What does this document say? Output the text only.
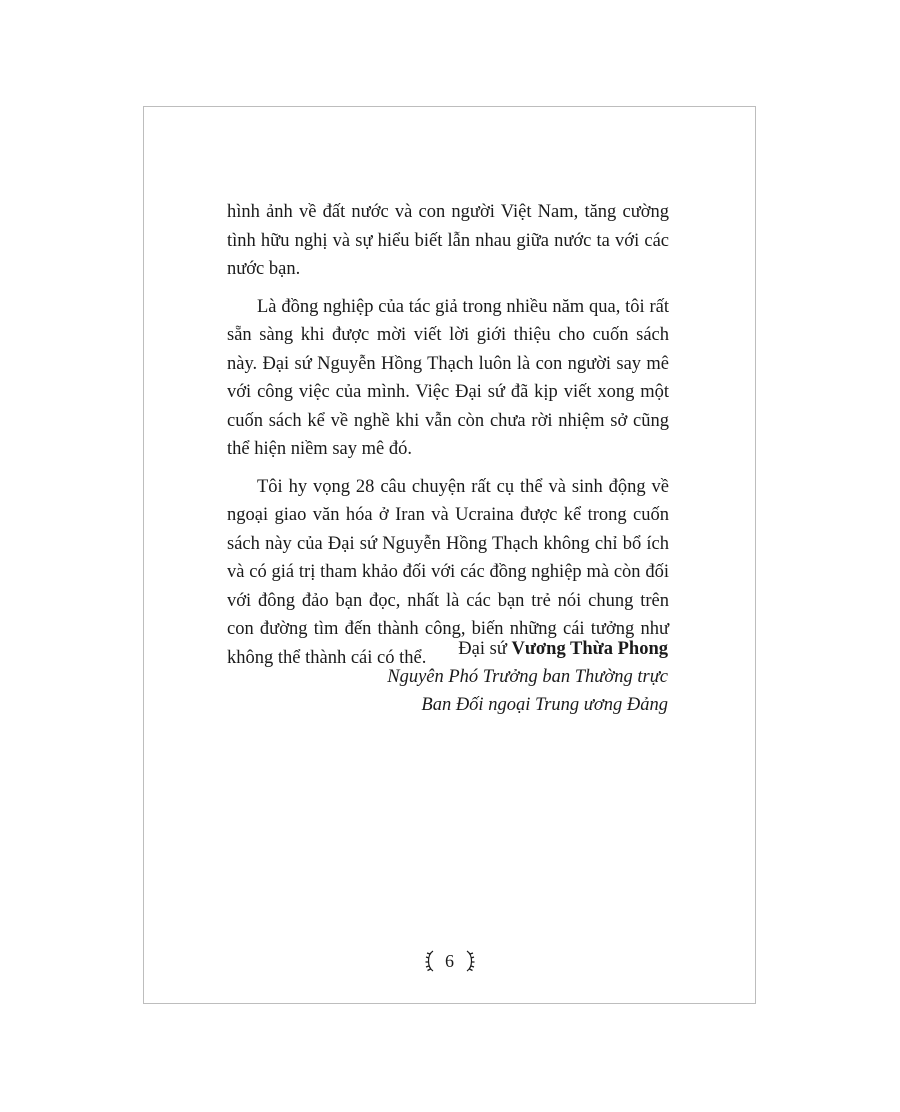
hình ảnh về đất nước và con người Việt Nam, tăng cường tình hữu nghị và sự hiểu biết lẫn nhau giữa nước ta với các nước bạn.

Là đồng nghiệp của tác giả trong nhiều năm qua, tôi rất sẵn sàng khi được mời viết lời giới thiệu cho cuốn sách này. Đại sứ Nguyễn Hồng Thạch luôn là con người say mê với công việc của mình. Việc Đại sứ đã kịp viết xong một cuốn sách kể về nghề khi vẫn còn chưa rời nhiệm sở cũng thể hiện niềm say mê đó.

Tôi hy vọng 28 câu chuyện rất cụ thể và sinh động về ngoại giao văn hóa ở Iran và Ucraina được kể trong cuốn sách này của Đại sứ Nguyễn Hồng Thạch không chỉ bổ ích và có giá trị tham khảo đối với các đồng nghiệp mà còn đối với đông đảo bạn đọc, nhất là các bạn trẻ nói chung trên con đường tìm đến thành công, biến những cái tưởng như không thể thành cái có thể.	Đại sứ Vương Thừa Phong
Nguyên Phó Trưởng ban Thường trực
Ban Đối ngoại Trung ương Đảng
6
